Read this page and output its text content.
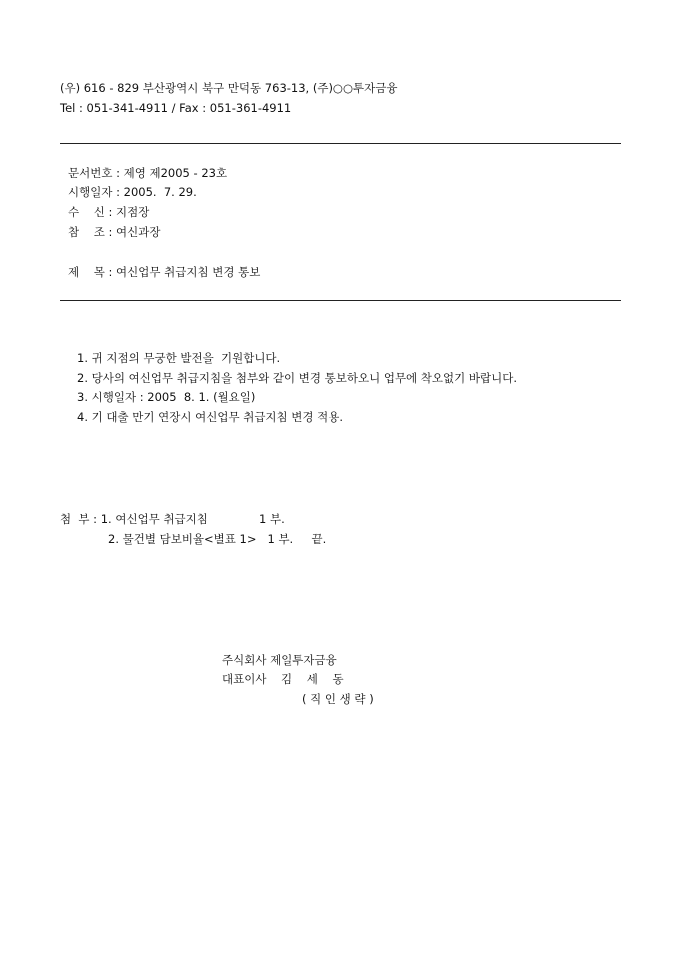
(우) 616 - 829 부산광역시 북구 만덕동 763-13, (주)○○투자금융
Tel : 051-341-4911 / Fax : 051-361-4911
문서번호 : 제영 제2005 - 23호
시행일자 : 2005.  7. 29.
수    신 : 지점장
참    조 : 여신과장
제    목 : 여신업무 취급지침 변경 통보
1. 귀 지점의 무궁한 발전을  기원합니다.
2. 당사의 여신업무 취급지침을 첨부와 같이 변경 통보하오니 업무에 착오없기 바랍니다.
3. 시행일자 : 2005  8. 1. (월요일)
4. 기 대출 만기 연장시 여신업무 취급지침 변경 적용.
첨  부 : 1. 여신업무 취급지침              1 부.
2. 물건별 담보비율<별표 1>   1 부.     끝.
주식회사 제일투자금융
대표이사    김    세    동
( 직 인 생 략 )
